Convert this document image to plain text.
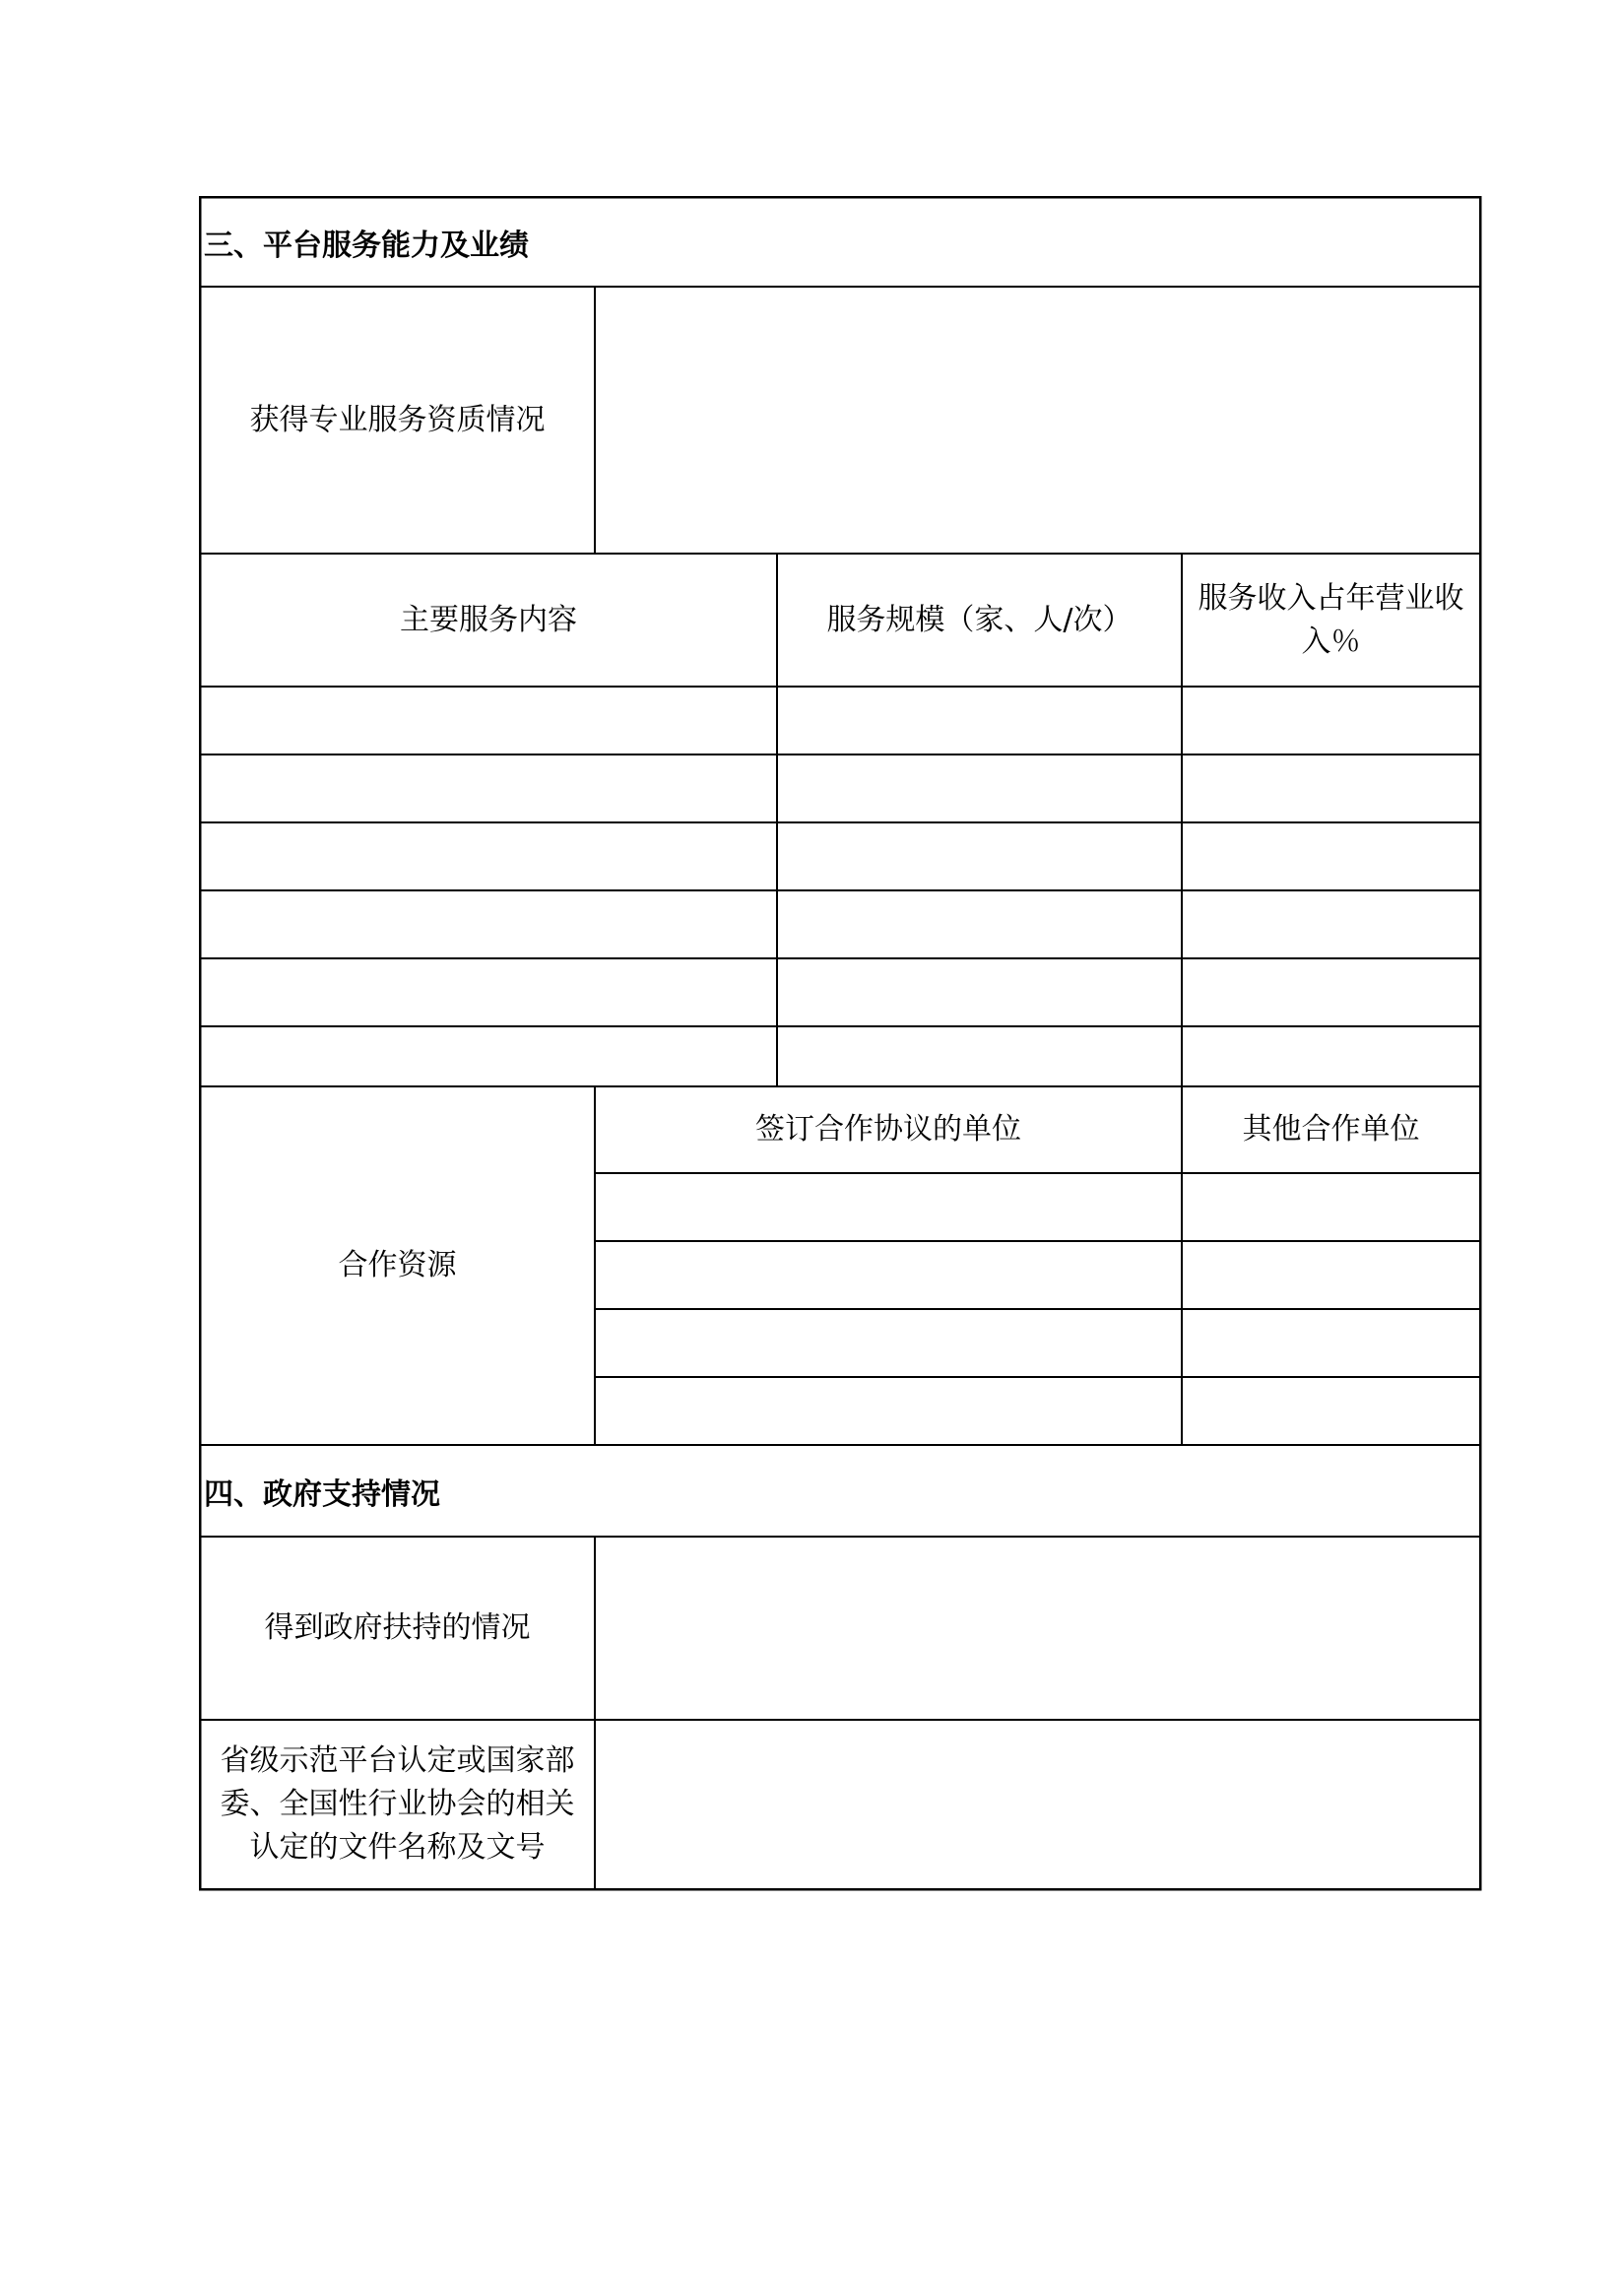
三、平台服务能力及业绩
获得专业服务资质情况
主要服务内容	服务规模（家、人/次）
服务收入占年营业收入％
合作资源
签订合作协议的单位	其他合作单位
四、政府支持情况
得到政府扶持的情况
省级示范平台认定或国家部委、全国性行业协会的相关认定的文件名称及文号
